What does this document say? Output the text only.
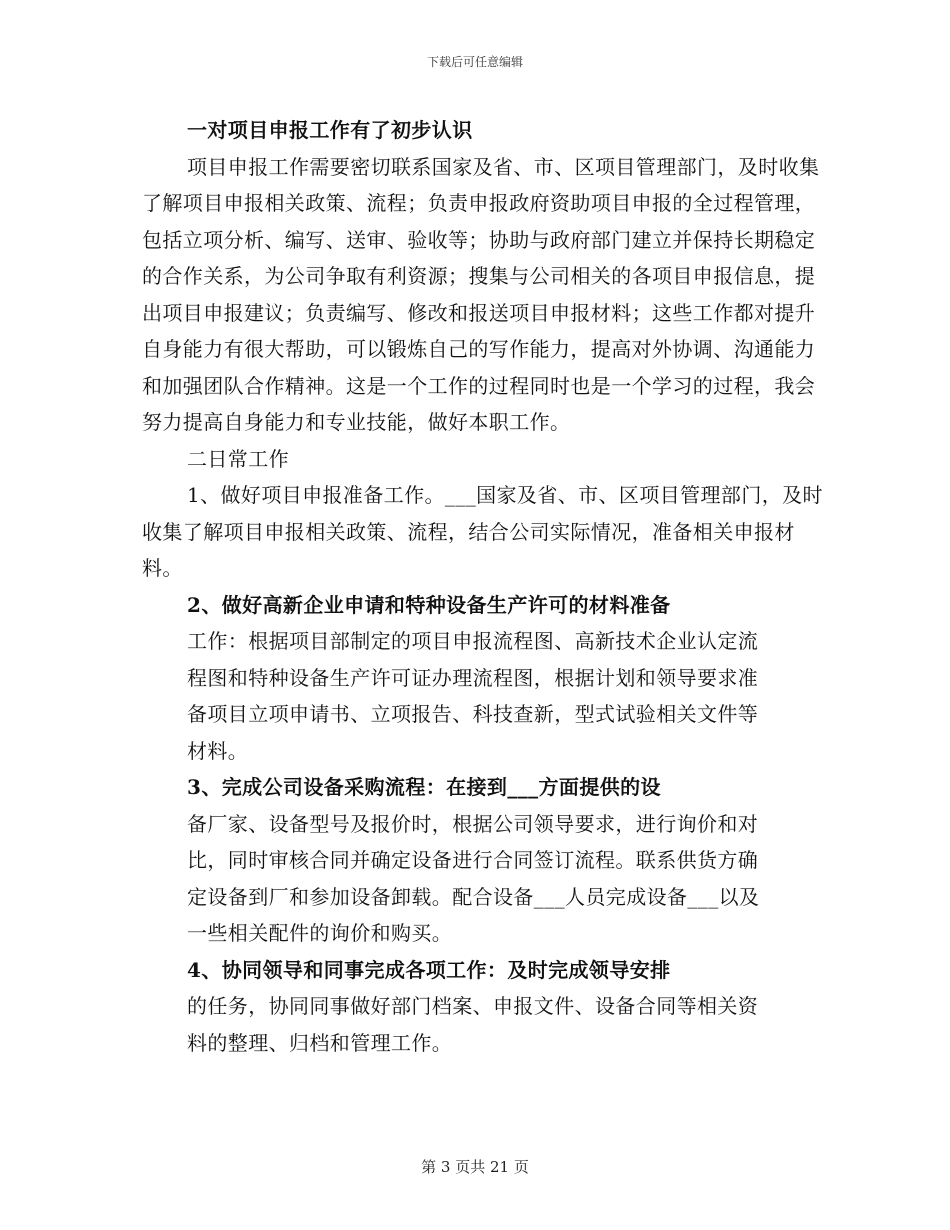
下载后可任意编辑

一对项目申报工作有了初步认识

项目申报工作需要密切联系国家及省、市、区项目管理部门，及时收集了解项目申报相关政策、流程；负责申报政府资助项目申报的全过程管理，包括立项分析、编写、送审、验收等；协助与政府部门建立并保持长期稳定的合作关系，为公司争取有利资源；搜集与公司相关的各项目申报信息，提出项目申报建议；负责编写、修改和报送项目申报材料；这些工作都对提升自身能力有很大帮助，可以锻炼自己的写作能力，提高对外协调、沟通能力和加强团队合作精神。这是一个工作的过程同时也是一个学习的过程，我会努力提高自身能力和专业技能，做好本职工作。

二日常工作

1、做好项目申报准备工作。___国家及省、市、区项目管理部门，及时收集了解项目申报相关政策、流程，结合公司实际情况，准备相关申报材料。

2、做好高新企业申请和特种设备生产许可的材料准备

工作：根据项目部制定的项目申报流程图、高新技术企业认定流程图和特种设备生产许可证办理流程图，根据计划和领导要求准备项目立项申请书、立项报告、科技查新，型式试验相关文件等材料。

3、完成公司设备采购流程：在接到___方面提供的设

备厂家、设备型号及报价时，根据公司领导要求，进行询价和对比，同时审核合同并确定设备进行合同签订流程。联系供货方确定设备到厂和参加设备卸载。配合设备___人员完成设备___以及一些相关配件的询价和购买。

4、协同领导和同事完成各项工作：及时完成领导安排

的任务，协同同事做好部门档案、申报文件、设备合同等相关资料的整理、归档和管理工作。

第 3 页共 21 页
